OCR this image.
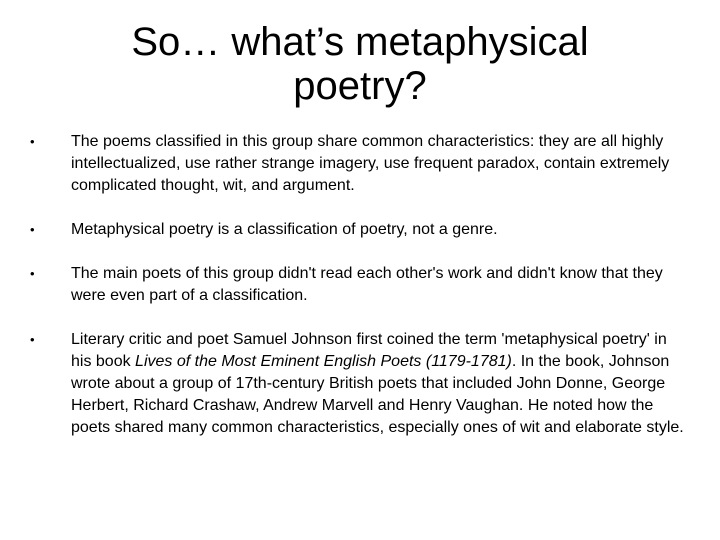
So… what’s metaphysical poetry?
•	The poems classified in this group share common characteristics: they are all highly intellectualized, use rather strange imagery, use frequent paradox, contain extremely complicated thought, wit, and argument.
•	Metaphysical poetry is a classification of poetry, not a genre.
•	The main poets of this group didn't read each other's work and didn't know that they were even part of a classification.
•	Literary critic and poet Samuel Johnson first coined the term 'metaphysical poetry' in his book Lives of the Most Eminent English Poets (1179-1781). In the book, Johnson wrote about a group of 17th-century British poets that included John Donne, George Herbert, Richard Crashaw, Andrew Marvell and Henry Vaughan. He noted how the poets shared many common characteristics, especially ones of wit and elaborate style.
